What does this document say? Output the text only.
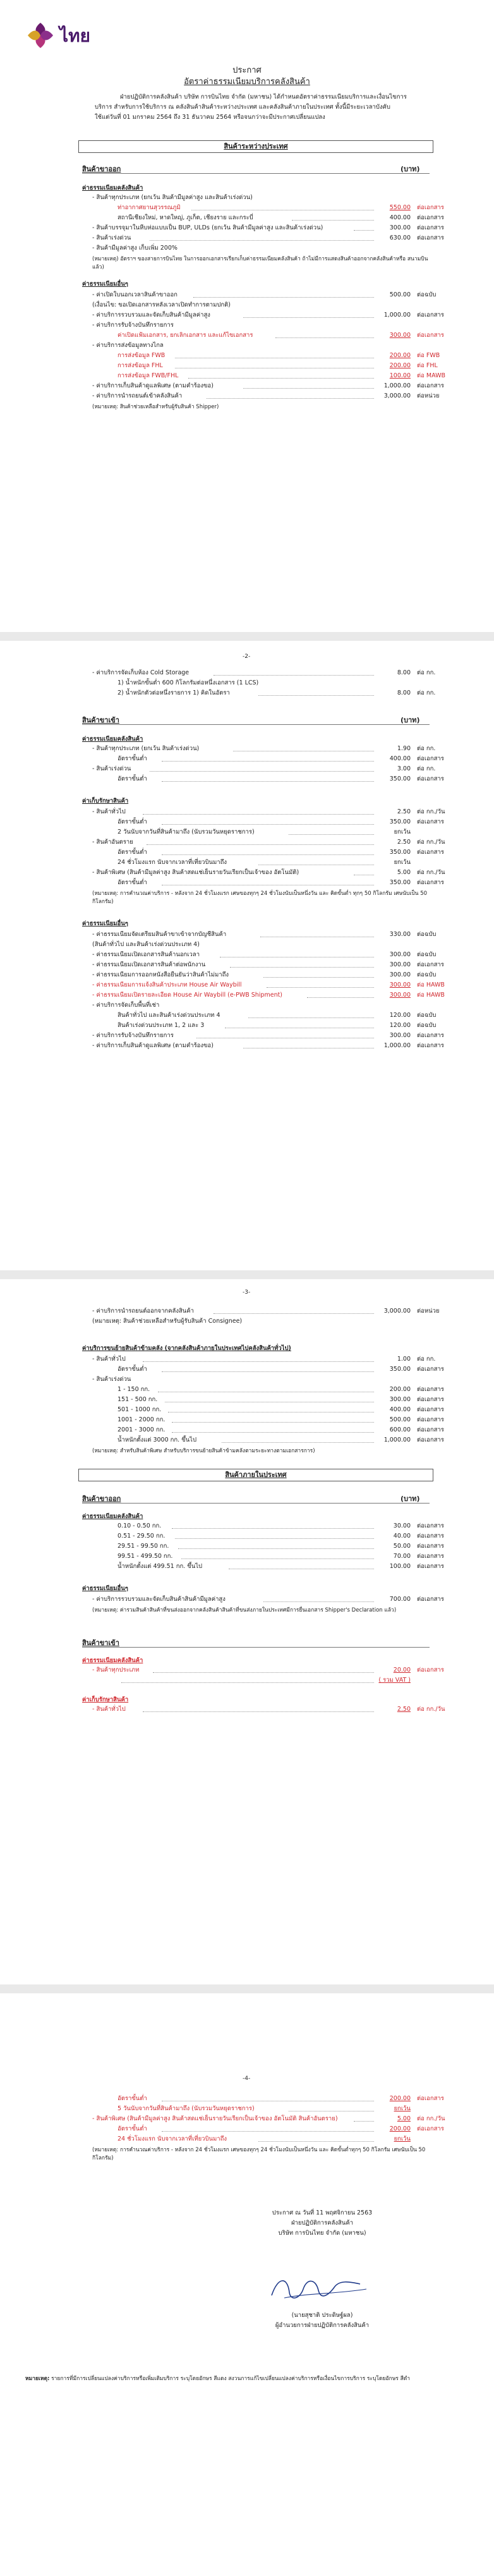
ไทย
ประกาศ
อัตราค่าธรรมเนียมบริการคลังสินค้า
ฝ่ายปฏิบัติการคลังสินค้า บริษัท การบินไทย จำกัด (มหาชน) ได้กำหนดอัตราค่าธรรมเนียมบริการและเงื่อนไขการ
บริการ สำหรับการใช้บริการ ณ คลังสินค้าสินค้าระหว่างประเทศ และคลังสินค้าภายในประเทศ ทั้งนี้มีระยะเวลาบังคับ
ใช้แต่วันที่ 01 มกราคม 2564 ถึง 31 ธันวาคม 2564 หรือจนกว่าจะมีประกาศเปลี่ยนแปลง
สินค้าระหว่างประเทศ
สินค้าขาออก	(บาท)
ค่าธรรมเนียมคลังสินค้า
- สินค้าทุกประเภท (ยกเว้น สินค้ามีมูลค่าสูง และสินค้าเร่งด่วน)
ท่าอากาศยานสุวรรณภูมิ	550.00 ต่อเอกสาร
สถานีเชียงใหม่, หาดใหญ่, ภูเก็ต, เชียงราย และกระบี่	400.00 ต่อเอกสาร
- สินค้าบรรจุมาในหีบห่อแบบเป็น BUP, ULDs (ยกเว้น สินค้ามีมูลค่าสูง และสินค้าเร่งด่วน)	300.00 ต่อเอกสาร
- สินค้าเร่งด่วน	630.00 ต่อเอกสาร
- สินค้ามีมูลค่าสูง เก็บเพิ่ม 200%
(หมายเหตุ) อัตราฯ ของสายการบินไทย ในการออกเอกสารเรียกเก็บค่าธรรมเนียมคลังสินค้า ถ้าไม่มีการแสดงสินค้าออกจากคลังสินค้าหรือ สนามบินแล้ว)
ค่าธรรมเนียมอื่นๆ
- ค่าเปิดใบนอกเวลาสินค้าขาออก	500.00 ต่อฉบับ
(เงื่อนไข: ขอเปิดเอกสารหลังเวลาเปิดทำการตามปกติ)
- ค่าบริการรวบรวมและจัดเก็บสินค้ามีมูลค่าสูง	1,000.00 ต่อเอกสาร
- ค่าบริการรับจ้างบันทึกรายการ
ค่าเปิดแฟ้มเอกสาร, ยกเลิกเอกสาร และแก้ไขเอกสาร	300.00 ต่อเอกสาร
- ค่าบริการส่งข้อมูลทางไกล
การส่งข้อมูล FWB	200.00 ต่อ FWB
การส่งข้อมูล FHL	200.00 ต่อ FHL
การส่งข้อมูล FWB/FHL	100.00 ต่อ MAWB
- ค่าบริการเก็บสินค้าดูแลพิเศษ (ตามคำร้องขอ)	1,000.00 ต่อเอกสาร
- ค่าบริการนำรถยนต์เข้าคลังสินค้า	3,000.00 ต่อหน่วย
(หมายเหตุ: สินค้าช่วยเหลือสำหรับผู้รับสินค้า Shipper)
-2-
- ค่าบริการจัดเก็บห้อง Cold Storage	8.00 ต่อ กก.
1) น้ำหนักขั้นต่ำ 600 กิโลกรัมต่อหนึ่งเอกสาร (1 LCS)
2) น้ำหนักตัวต่อหนึ่งรายการ 1) คิดในอัตรา	8.00 ต่อ กก.
สินค้าขาเข้า	(บาท)
ค่าธรรมเนียมคลังสินค้า
- สินค้าทุกประเภท (ยกเว้น สินค้าเร่งด่วน)	1.90 ต่อ กก.
อัตราขั้นต่ำ	400.00 ต่อเอกสาร
- สินค้าเร่งด่วน	3.00 ต่อ กก.
อัตราขั้นต่ำ	350.00 ต่อเอกสาร
ค่าเก็บรักษาสินค้า
- สินค้าทั่วไป	2.50 ต่อ กก./วัน
อัตราขั้นต่ำ	350.00 ต่อเอกสาร
2 วันนับจากวันที่สินค้ามาถึง (นับรวมวันหยุดราชการ)	ยกเว้น
- สินค้าอันตราย	2.50 ต่อ กก./วัน
อัตราขั้นต่ำ	350.00 ต่อเอกสาร
24 ชั่วโมงแรก นับจากเวลาที่เที่ยวบินมาถึง	ยกเว้น
- สินค้าพิเศษ (สินค้ามีมูลค่าสูง สินค้าสดแช่เย็นรายวันเรียกเป็นเจ้าของ อัตโนมัติ)	5.00 ต่อ กก./วัน
อัตราขั้นต่ำ	350.00 ต่อเอกสาร
(หมายเหตุ: การคำนวณค่าบริการ - หลังจาก 24 ชั่วโมงแรก เศษของทุกๆ 24 ชั่วโมงนับเป็นหนึ่งวัน และ คิดขั้นต่ำ ทุกๆ 50 กิโลกรัม เศษนับเป็น 50 กิโลกรัม)
ค่าธรรมเนียมอื่นๆ
- ค่าธรรมเนียมจัดเตรียมสินค้าขาเข้าจากบัญชีสินค้า	330.00 ต่อฉบับ
(สินค้าทั่วไป และสินค้าเร่งด่วนประเภท 4)
- ค่าธรรมเนียมเปิดเอกสารสินค้านอกเวลา	300.00 ต่อฉบับ
- ค่าธรรมเนียมเปิดเอกสารสินค้าต่อพนักงาน	300.00 ต่อเอกสาร
- ค่าธรรมเนียมการออกหนังสือยืนยันว่าสินค้าไม่มาถึง	300.00 ต่อฉบับ
- ค่าธรรมเนียมการแจ้งสินค้าประเภท House Air Waybill	300.00 ต่อ HAWB
- ค่าธรรมเนียมเปิดรายละเอียด House Air Waybill (e-PWB Shipment)	300.00 ต่อ HAWB
- ค่าบริการจัดเก็บพื้นที่เช่า
สินค้าทั่วไป และสินค้าเร่งด่วนประเภท 4	120.00 ต่อฉบับ
สินค้าเร่งด่วนประเภท 1, 2 และ 3	120.00 ต่อฉบับ
- ค่าบริการรับจ้างบันทึกรายการ	300.00 ต่อเอกสาร
- ค่าบริการเก็บสินค้าดูแลพิเศษ (ตามคำร้องขอ)	1,000.00 ต่อเอกสาร
-3-
- ค่าบริการนำรถยนต์ออกจากคลังสินค้า	3,000.00 ต่อหน่วย
(หมายเหตุ: สินค้าช่วยเหลือสำหรับผู้รับสินค้า Consignee)
ค่าบริการขนย้ายสินค้าข้ามคลัง (จากคลังสินค้าภายในประเทศไปคลังสินค้าทั่วไป)
- สินค้าทั่วไป	1.00 ต่อ กก.
อัตราขั้นต่ำ	350.00 ต่อเอกสาร
- สินค้าเร่งด่วน
1 - 150 กก.	200.00 ต่อเอกสาร
151 - 500 กก.	300.00 ต่อเอกสาร
501 - 1000 กก.	400.00 ต่อเอกสาร
1001 - 2000 กก.	500.00 ต่อเอกสาร
2001 - 3000 กก.	600.00 ต่อเอกสาร
น้ำหนักตั้งแต่ 3000 กก. ขึ้นไป	1,000.00 ต่อเอกสาร
(หมายเหตุ: สำหรับสินค้าพิเศษ สำหรับบริการขนย้ายสินค้าข้ามคลังตามระยะทางตามเอกสารการ)
สินค้าภายในประเทศ
สินค้าขาออก	(บาท)
ค่าธรรมเนียมคลังสินค้า
0.10 - 0.50 กก.	30.00 ต่อเอกสาร
0.51 - 29.50 กก.	40.00 ต่อเอกสาร
29.51 - 99.50 กก.	50.00 ต่อเอกสาร
99.51 - 499.50 กก.	70.00 ต่อเอกสาร
น้ำหนักตั้งแต่ 499.51 กก. ขึ้นไป	100.00 ต่อเอกสาร
ค่าธรรมเนียมอื่นๆ
- ค่าบริการรวบรวมและจัดเก็บสินค้าสินค้ามีมูลค่าสูง	700.00 ต่อเอกสาร
(หมายเหตุ: ค่ารวมสินค้าสินค้าที่ขนส่งออกจากคลังสินค้าสินค้าที่ขนส่งภายในประเทศมีการยื่นเอกสาร Shipper's Declaration แล้ว)
สินค้าขาเข้า
ค่าธรรมเนียมคลังสินค้า
- สินค้าทุกประเภท	20.00 ต่อเอกสาร
( รวม VAT )
ค่าเก็บรักษาสินค้า
- สินค้าทั่วไป	2.50 ต่อ กก./วัน
-4-
อัตราขั้นต่ำ	200.00 ต่อเอกสาร
5 วันนับจากวันที่สินค้ามาถึง (นับรวมวันหยุดราชการ)	ยกเว้น
- สินค้าพิเศษ (สินค้ามีมูลค่าสูง สินค้าสดแช่เย็นรายวันเรียกเป็นเจ้าของ อัตโนมัติ สินค้าอันตราย)	5.00 ต่อ กก./วัน
อัตราขั้นต่ำ	200.00 ต่อเอกสาร
24 ชั่วโมงแรก นับจากเวลาที่เที่ยวบินมาถึง	ยกเว้น
(หมายเหตุ: การคำนวณค่าบริการ - หลังจาก 24 ชั่วโมงแรก เศษของทุกๆ 24 ชั่วโมงนับเป็นหนึ่งวัน และ คิดขั้นต่ำทุกๆ 50 กิโลกรัม เศษนับเป็น 50 กิโลกรัม)
ประกาศ ณ วันที่ 11 พฤศจิกายน 2563
ฝ่ายปฏิบัติการคลังสินค้า
บริษัท การบินไทย จำกัด (มหาชน)
(นายสุชาติ ประดิษฐ์ผล)
ผู้อำนวยการฝ่ายปฏิบัติการคลังสินค้า
หมายเหตุ: รายการที่มีการเปลี่ยนแปลงค่าบริการหรือเพิ่มเติมบริการ ระบุโดยอักษร สีแดง สงวนการแก้ไขเปลี่ยนแปลงค่าบริการหรือเงื่อนไขการบริการ ระบุโดยอักษร สีดำ
